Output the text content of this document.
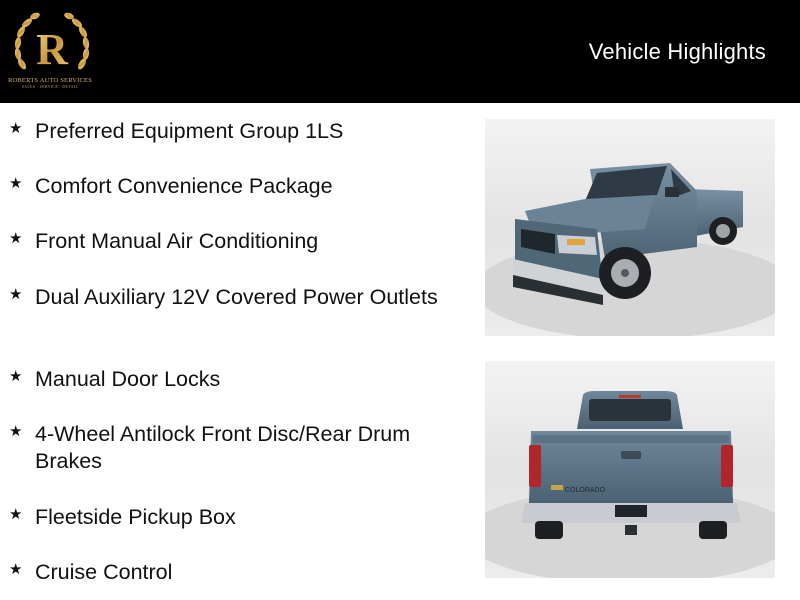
R
ROBERTS AUTO SERVICES
SALES · SERVICE · DETAIL
Vehicle Highlights
★ Preferred Equipment Group 1LS
★ Comfort Convenience Package
★ Front Manual Air Conditioning
★ Dual Auxiliary 12V Covered Power Outlets
★ Manual Door Locks
★ 4-Wheel Antilock Front Disc/Rear Drum Brakes
★ Fleetside Pickup Box
★ Cruise Control
COLORADO
